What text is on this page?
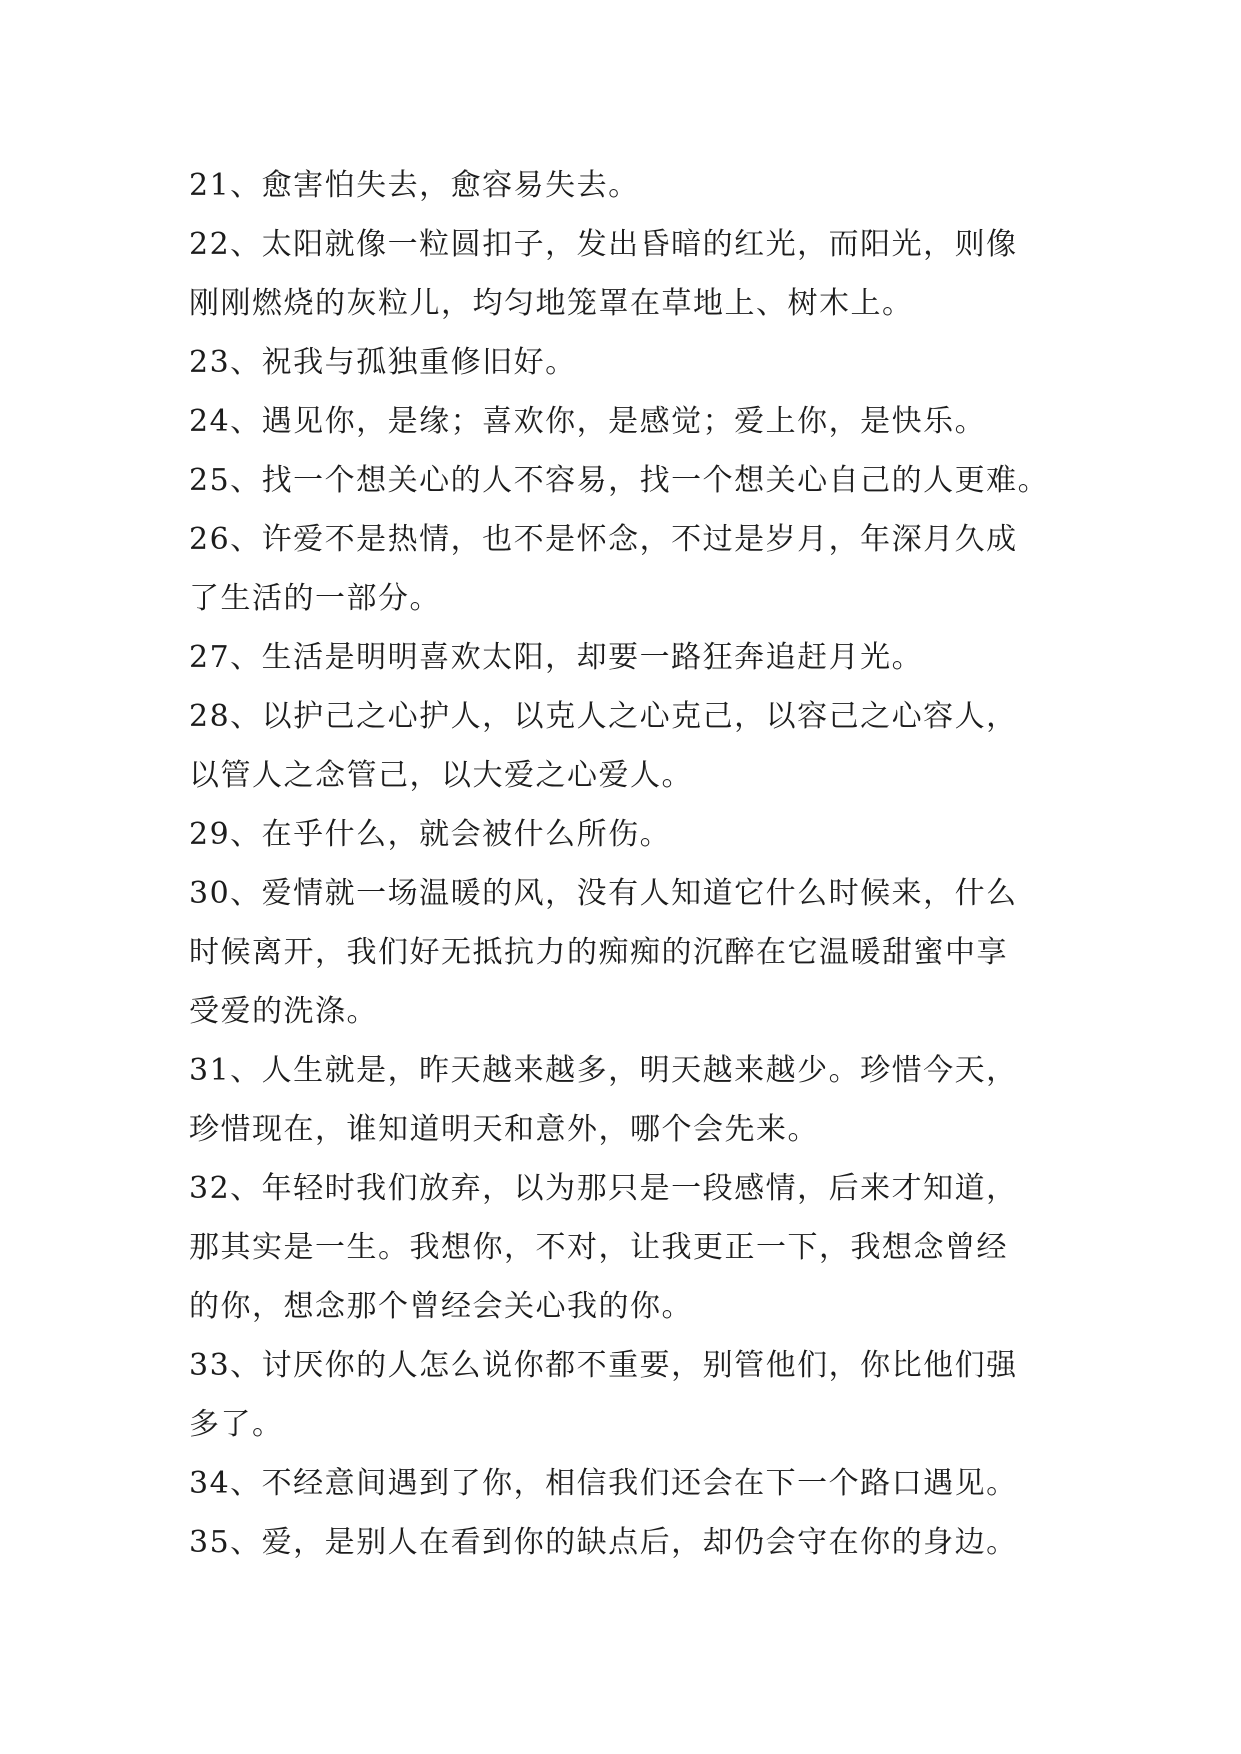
21、愈害怕失去，愈容易失去。
22、太阳就像一粒圆扣子，发出昏暗的红光，而阳光，则像
刚刚燃烧的灰粒儿，均匀地笼罩在草地上、树木上。
23、祝我与孤独重修旧好。
24、遇见你，是缘；喜欢你，是感觉；爱上你，是快乐。
25、找一个想关心的人不容易，找一个想关心自己的人更难。
26、许爱不是热情，也不是怀念，不过是岁月，年深月久成
了生活的一部分。
27、生活是明明喜欢太阳，却要一路狂奔追赶月光。
28、以护己之心护人，以克人之心克己，以容己之心容人，
以管人之念管己，以大爱之心爱人。
29、在乎什么，就会被什么所伤。
30、爱情就一场温暖的风，没有人知道它什么时候来，什么
时候离开，我们好无抵抗力的痴痴的沉醉在它温暖甜蜜中享
受爱的洗涤。
31、人生就是，昨天越来越多，明天越来越少。珍惜今天，
珍惜现在，谁知道明天和意外，哪个会先来。
32、年轻时我们放弃，以为那只是一段感情，后来才知道，
那其实是一生。我想你，不对，让我更正一下，我想念曾经
的你，想念那个曾经会关心我的你。
33、讨厌你的人怎么说你都不重要，别管他们，你比他们强
多了。
34、不经意间遇到了你，相信我们还会在下一个路口遇见。
35、爱，是别人在看到你的缺点后，却仍会守在你的身边。
